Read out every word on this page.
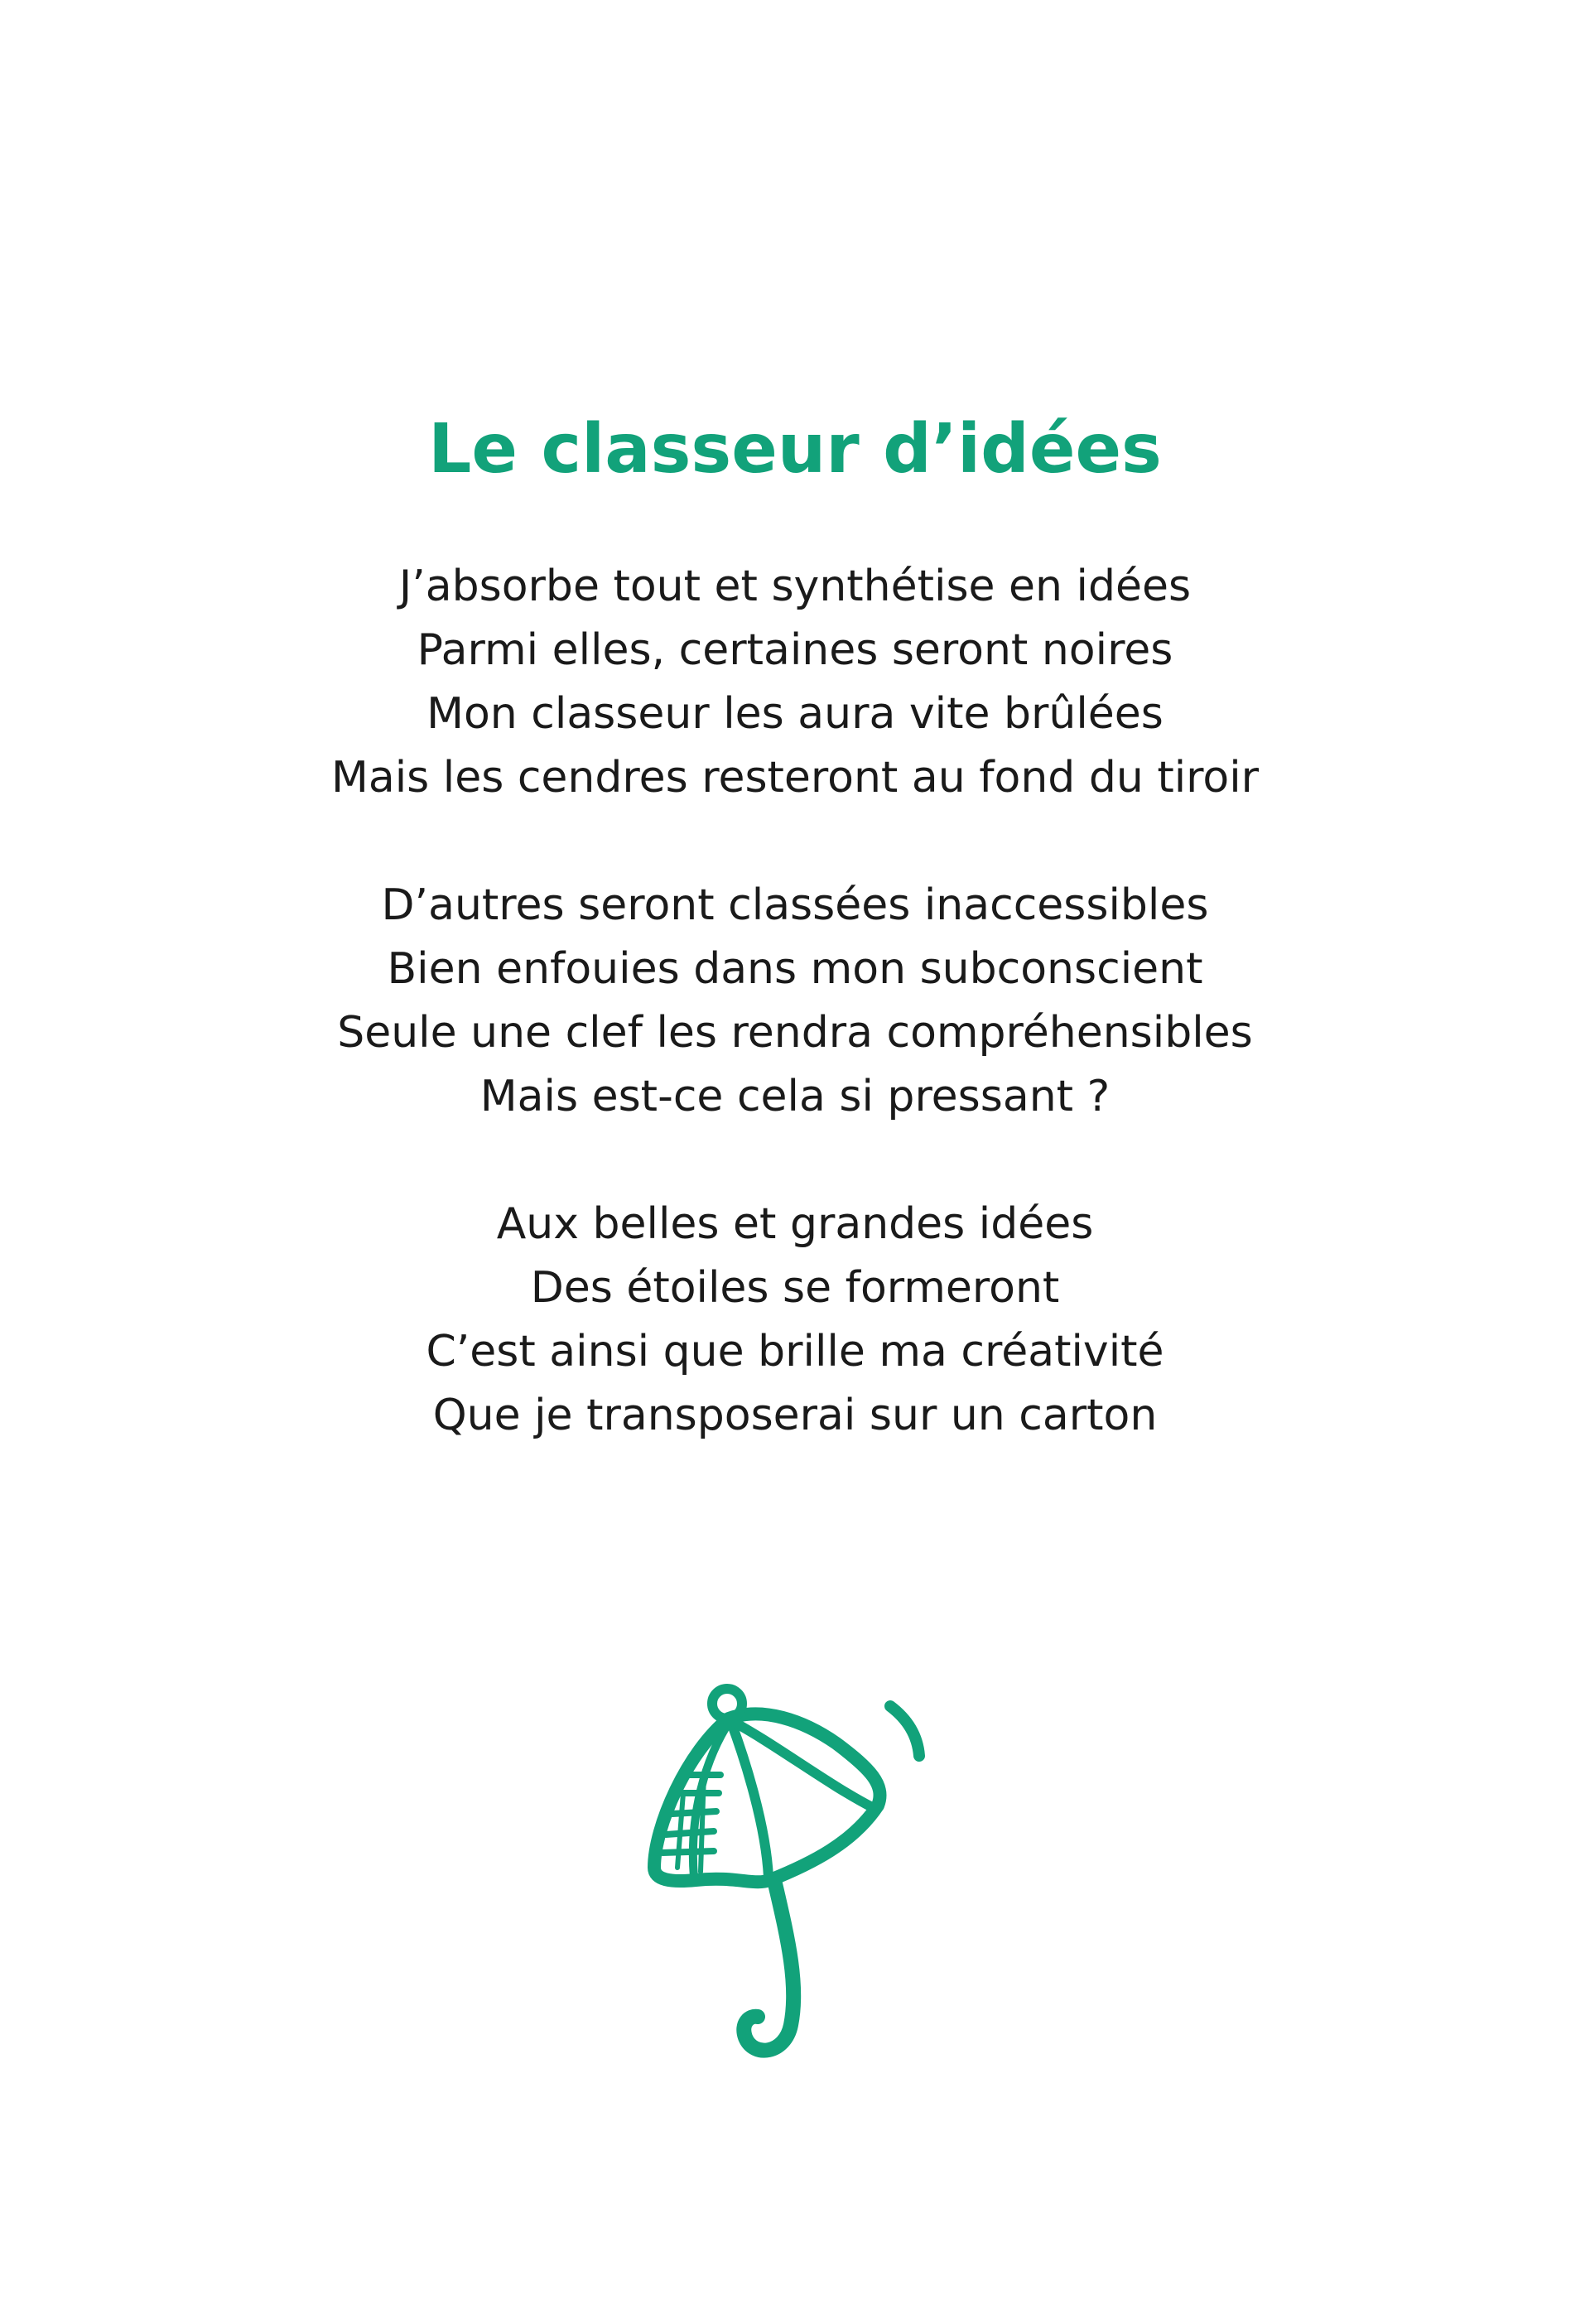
Le classeur d’idées
J’absorbe tout et synthétise en idées
Parmi elles, certaines seront noires
Mon classeur les aura vite brûlées
Mais les cendres resteront au fond du tiroir
D’autres seront classées inaccessibles
Bien enfouies dans mon subconscient
Seule une clef les rendra compréhensibles
Mais est-ce cela si pressant ?
Aux belles et grandes idées
Des étoiles se formeront
C’est ainsi que brille ma créativité
Que je transposerai sur un carton
